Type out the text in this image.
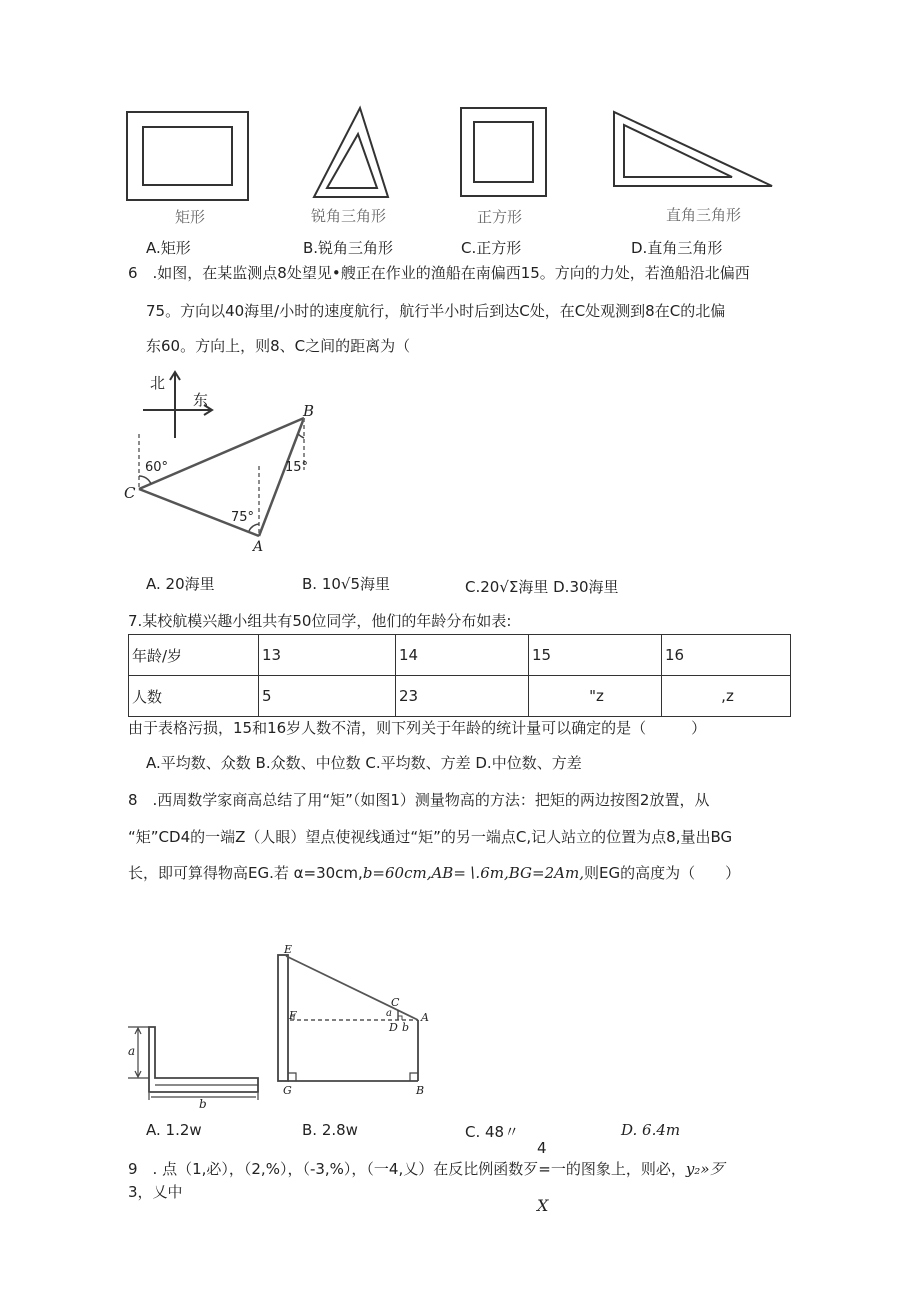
矩形	锐角三角形	正方形	直角三角形
A.矩形	B.锐角三角形	C.正方形	D.直角三角形
6　.如图，在某监测点8处望见•艘正在作业的渔船在南偏西15。方向的力处，若渔船沿北偏西
75。方向以40海里/小时的速度航行，航行半小时后到达C处，在C处观测到8在C的北偏
东60。方向上，则8、C之间的距离为（
北
东
B
C
A
60°
75°
15°
A. 20海里	B. 10√5海里	C.20√Σ海里 D.30海里
7.某校航模兴趣小组共有50位同学，他们的年龄分布如表:
年龄/岁	13	14	15	16
人数	5	23	"z	,z
由于表格污损，15和16岁人数不清，则下列关于年龄的统计量可以确定的是（　　　）
A.平均数、众数 B.众数、中位数 C.平均数、方差 D.中位数、方差
8　.西周数学家商高总结了用“矩”（如图1）测量物高的方法：把矩的两边按图2放置，从
“矩”CD4的一端Z（人眼）望点使视线通过“矩”的另一端点C,记人站立的位置为点8,量出BG
长，即可算得物高EG.若 α=30cm,b=60cm,AB=∖.6m,BG=2Am,则EG的高度为（　　）
a
b
E
F
C
a
D b
A
G	B
A. 1.2w	B. 2.8w	C. 48〃	D. 6.4m
4
9　. 点（1,必），（2,%），（-3,%），（一4,乂）在反比例函数歹=一的图象上，则必，y₂»歹
3，乂中
X
